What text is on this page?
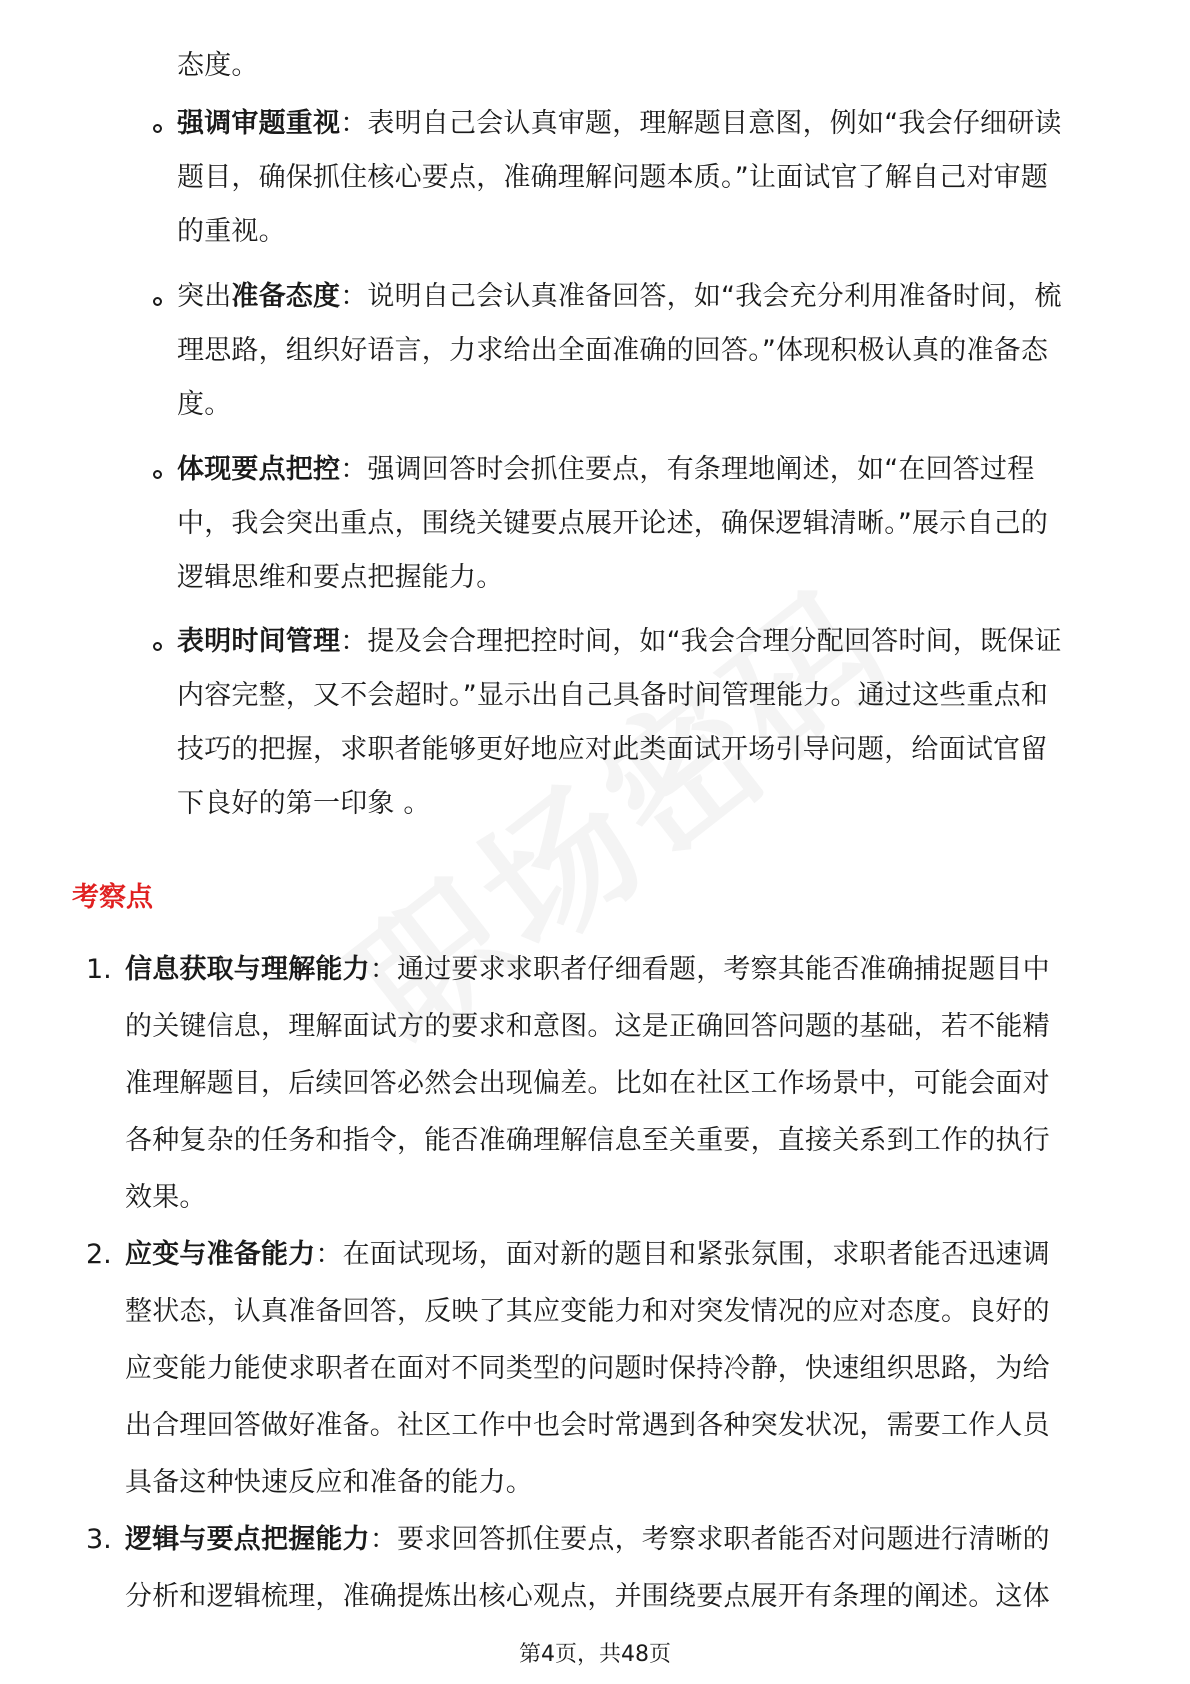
态度。
强调审题重视：表明自己会认真审题，理解题目意图，例如“我会仔细研读
题目，确保抓住核心要点，准确理解问题本质。”让面试官了解自己对审题
的重视。
突出准备态度：说明自己会认真准备回答，如“我会充分利用准备时间，梳
理思路，组织好语言，力求给出全面准确的回答。”体现积极认真的准备态
度。
体现要点把控：强调回答时会抓住要点，有条理地阐述，如“在回答过程
中，我会突出重点，围绕关键要点展开论述，确保逻辑清晰。”展示自己的
逻辑思维和要点把握能力。
表明时间管理：提及会合理把控时间，如“我会合理分配回答时间，既保证
内容完整，又不会超时。”显示出自己具备时间管理能力。通过这些重点和
技巧的把握，求职者能够更好地应对此类面试开场引导问题，给面试官留
下良好的第一印象 。
考察点
1. 信息获取与理解能力：通过要求求职者仔细看题，考察其能否准确捕捉题目中
的关键信息，理解面试方的要求和意图。这是正确回答问题的基础，若不能精
准理解题目，后续回答必然会出现偏差。比如在社区工作场景中，可能会面对
各种复杂的任务和指令，能否准确理解信息至关重要，直接关系到工作的执行
效果。
2. 应变与准备能力：在面试现场，面对新的题目和紧张氛围，求职者能否迅速调
整状态，认真准备回答，反映了其应变能力和对突发情况的应对态度。良好的
应变能力能使求职者在面对不同类型的问题时保持冷静，快速组织思路，为给
出合理回答做好准备。社区工作中也会时常遇到各种突发状况，需要工作人员
具备这种快速反应和准备的能力。
3. 逻辑与要点把握能力：要求回答抓住要点，考察求职者能否对问题进行清晰的
分析和逻辑梳理，准确提炼出核心观点，并围绕要点展开有条理的阐述。这体
第4页，共48页
